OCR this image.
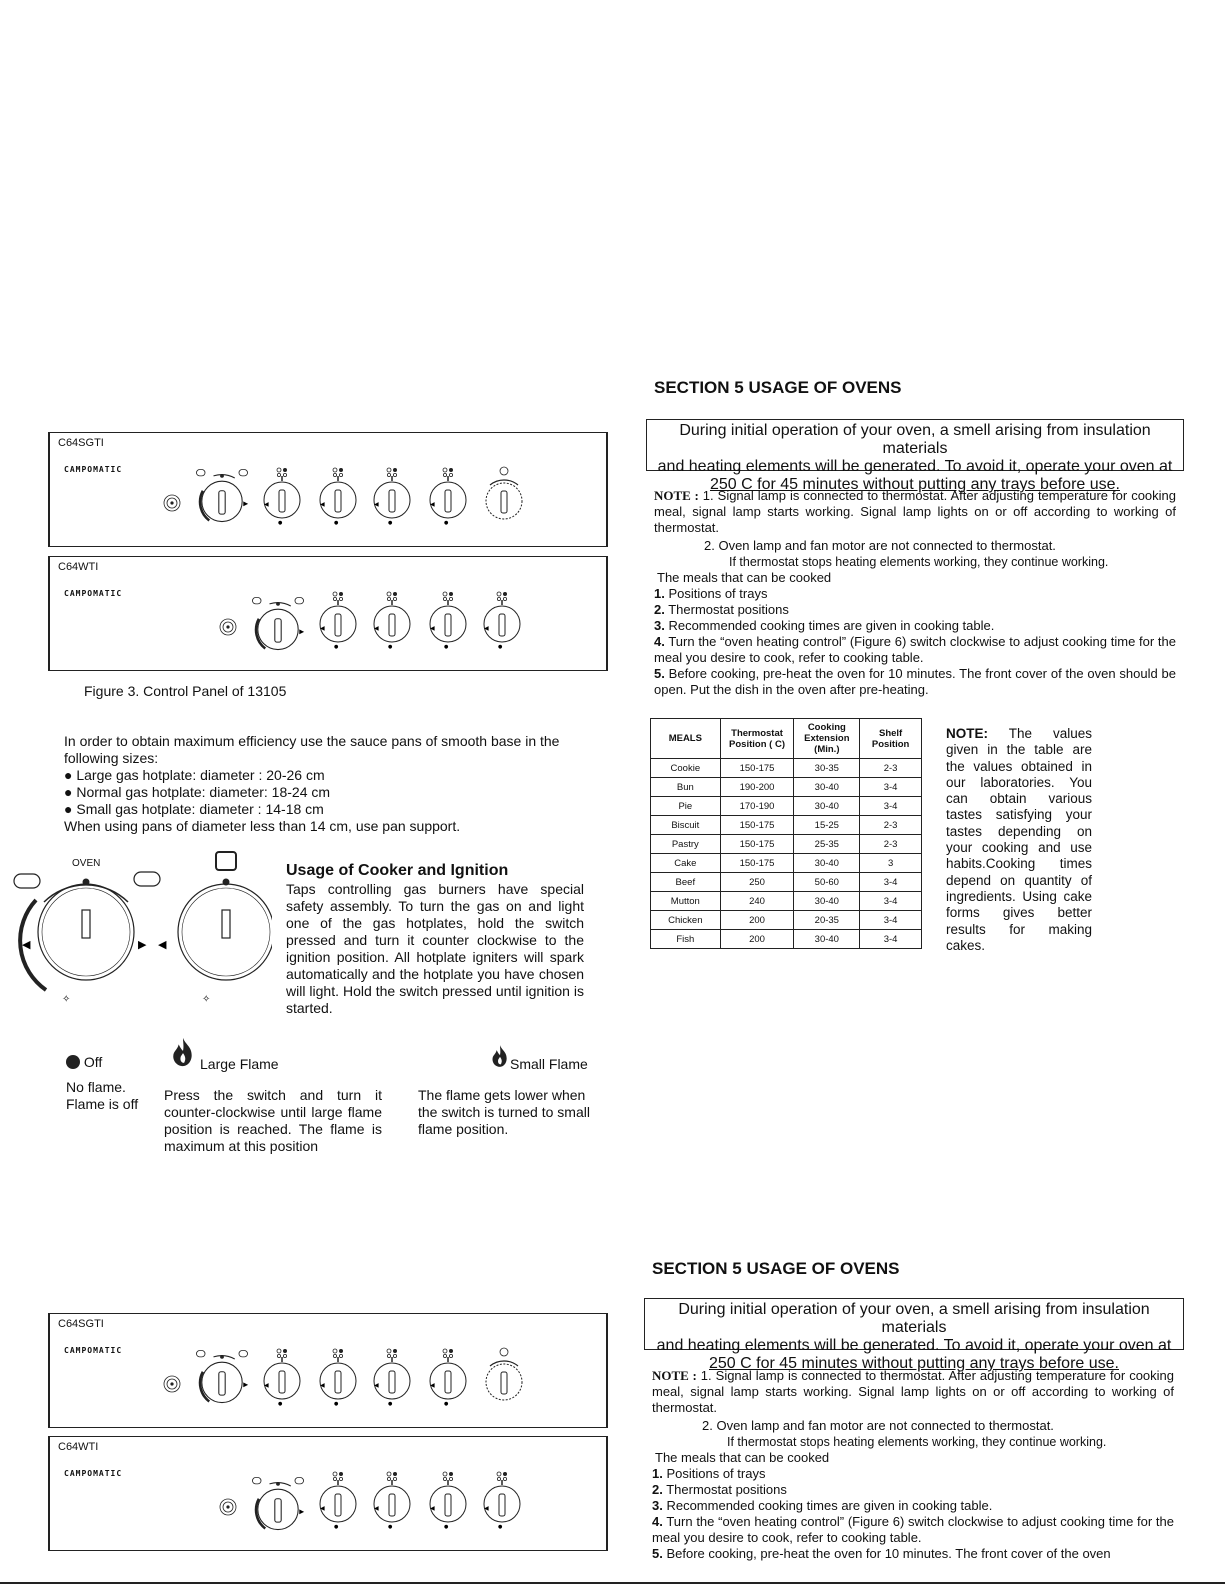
C64SGTI
CAMPOMATIC
C64WTI
CAMPOMATIC
Figure 3. Control Panel of 13105
In order to obtain maximum efficiency use the sauce pans of smooth base in the following sizes:
● Large gas hotplate: diameter : 20-26 cm
● Normal gas hotplate: diameter: 18-24 cm
● Small gas hotplate: diameter : 14-18 cm
When using pans of diameter less than 14 cm, use pan support.
◀	▶ ◀
✧	✧
OVEN	Usage of Cooker and Ignition
Taps controlling gas burners have special safety assembly. To turn the gas on and light one of the gas hotplates, hold the switch pressed and turn it counter clockwise to the ignition position. All hotplate igniters will spark automatically and the hotplate you have chosen will light. Hold the switch pressed until ignition is started.
Off
No flame.
Flame is off
Large Flame
Press the switch and turn it counter-clockwise until large flame position is reached. The flame is maximum at this position
Small Flame
The flame gets lower when the switch is turned to small flame position.
SECTION 5 USAGE OF OVENS
During initial operation of your oven, a smell arising from insulation materials
and heating elements will be generated. To avoid it, operate your oven at
250 C for 45 minutes without putting any trays before use.

NOTE : 1. Signal lamp is connected to thermostat. After adjusting temperature for cooking meal, signal lamp starts working. Signal lamp lights on or off according to working of thermostat.

2. Oven lamp and fan motor are not connected to thermostat.

If thermostat stops heating elements working, they continue working.

The meals that can be cooked

1. Positions of trays

2. Thermostat positions

3. Recommended cooking times are given in cooking table.

4. Turn the “oven heating control” (Figure 6) switch clockwise to adjust cooking time for the meal you desire to cook, refer to cooking table.

5. Before cooking, pre-heat the oven for 10 minutes. The front cover of the oven should be open. Put the dish in the oven after pre-heating.

MEALS	Thermostat Position ( C)	Cooking Extension (Min.)	Shelf Position
Cookie	150-175	30-35	2-3
Bun	190-200	30-40	3-4
Pie	170-190	30-40	3-4
Biscuit	150-175	15-25	2-3
Pastry	150-175	25-35	2-3
Cake	150-175	30-40	3
Beef	250	50-60	3-4
Mutton	240	30-40	3-4
Chicken	200	20-35	3-4
Fish	200	30-40	3-4
NOTE: The values given in the table are the values obtained in our laboratories. You can obtain various tastes satisfying your tastes depending on your cooking and use habits.Cooking times depend on quantity of ingredients. Using cake forms gives better results for making cakes.
C64SGTI
CAMPOMATIC
C64WTI
CAMPOMATIC
SECTION 5 USAGE OF OVENS
During initial operation of your oven, a smell arising from insulation materials
and heating elements will be generated. To avoid it, operate your oven at
250 C for 45 minutes without putting any trays before use.

NOTE : 1. Signal lamp is connected to thermostat. After adjusting temperature for cooking meal, signal lamp starts working. Signal lamp lights on or off according to working of thermostat.

2. Oven lamp and fan motor are not connected to thermostat.

If thermostat stops heating elements working, they continue working.

The meals that can be cooked

1. Positions of trays

2. Thermostat positions

3. Recommended cooking times are given in cooking table.

4. Turn the “oven heating control” (Figure 6) switch clockwise to adjust cooking time for the meal you desire to cook, refer to cooking table.

5. Before cooking, pre-heat the oven for 10 minutes. The front cover of the oven
